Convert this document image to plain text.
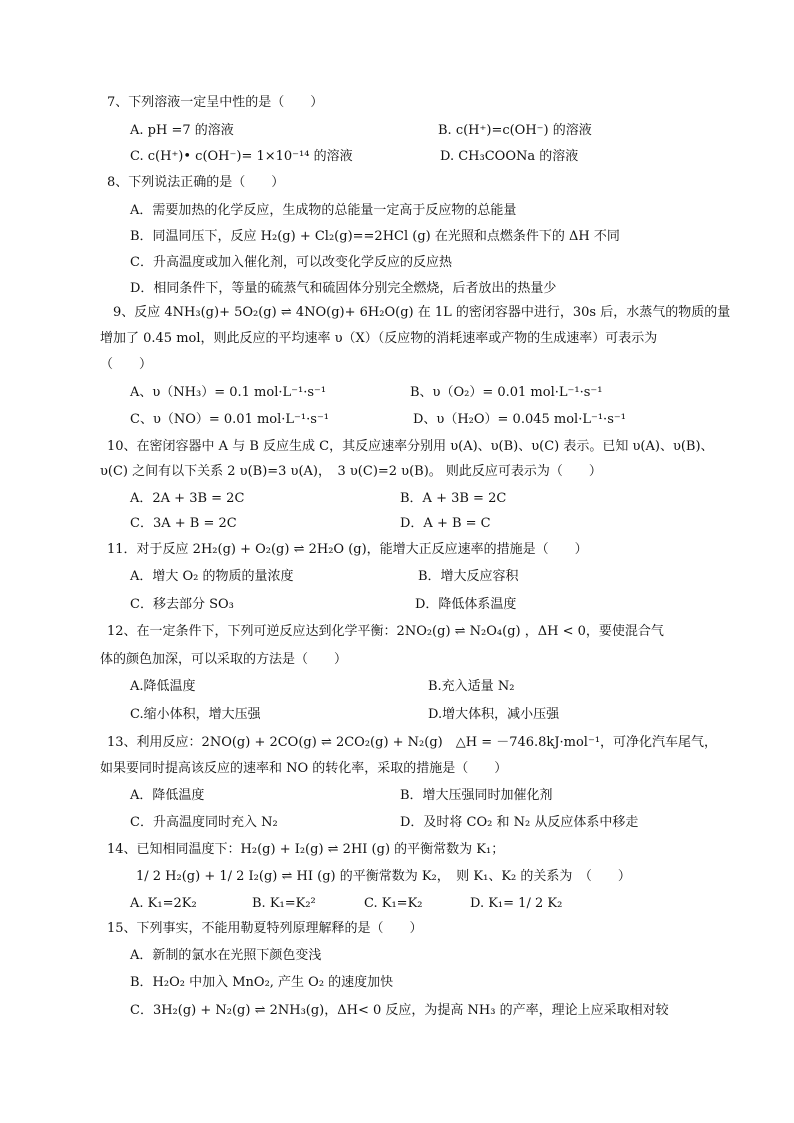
7、下列溶液一定呈中性的是（　　）
A. pH =7 的溶液	B. c(H⁺)=c(OH⁻) 的溶液
C. c(H⁺)• c(OH⁻)= 1×10⁻¹⁴ 的溶液	D. CH₃COONa 的溶液
8、下列说法正确的是（　　）
A．需要加热的化学反应，生成物的总能量一定高于反应物的总能量
B．同温同压下，反应 H₂(g) + Cl₂(g)==2HCl (g) 在光照和点燃条件下的 ΔH 不同
C．升高温度或加入催化剂，可以改变化学反应的反应热
D．相同条件下，等量的硫蒸气和硫固体分别完全燃烧，后者放出的热量少
9、反应 4NH₃(g)+ 5O₂(g) ⇌ 4NO(g)+ 6H₂O(g) 在 1L 的密闭容器中进行，30s 后，水蒸气的物质的量
增加了 0.45 mol，则此反应的平均速率 υ（X）（反应物的消耗速率或产物的生成速率）可表示为
（　　）
A、υ（NH₃）= 0.1 mol·L⁻¹·s⁻¹	B、υ（O₂）= 0.01 mol·L⁻¹·s⁻¹
C、υ（NO）= 0.01 mol·L⁻¹·s⁻¹	D、υ（H₂O）= 0.045 mol·L⁻¹·s⁻¹
10、在密闭容器中 A 与 B 反应生成 C，其反应速率分别用 υ(A)、υ(B)、υ(C) 表示。已知 υ(A)、υ(B)、
υ(C) 之间有以下关系 2 υ(B)=3 υ(A)，　3 υ(C)=2 υ(B)。 则此反应可表示为（　　）
A．2A + 3B = 2C	B．A + 3B = 2C
C．3A + B = 2C	D．A + B = C
11．对于反应 2H₂(g) + O₂(g) ⇌ 2H₂O (g)，能增大正反应速率的措施是（　　）
A．增大 O₂ 的物质的量浓度	B．增大反应容积
C．移去部分 SO₃	D．降低体系温度
12、在一定条件下，下列可逆反应达到化学平衡：2NO₂(g) ⇌ N₂O₄(g) ，ΔH < 0，要使混合气
体的颜色加深，可以采取的方法是（　　）
A.降低温度	B.充入适量 N₂
C.缩小体积，增大压强	D.增大体积，减小压强
13、利用反应：2NO(g) + 2CO(g) ⇌ 2CO₂(g) + N₂(g)　△H = －746.8kJ·mol⁻¹，可净化汽车尾气，
如果要同时提高该反应的速率和 NO 的转化率，采取的措施是（　　）
A．降低温度	B．增大压强同时加催化剂
C．升高温度同时充入 N₂	D．及时将 CO₂ 和 N₂ 从反应体系中移走
14、已知相同温度下：H₂(g) + I₂(g) ⇌ 2HI (g) 的平衡常数为 K₁；
1/ 2 H₂(g) + 1/ 2 I₂(g) ⇌ HI (g) 的平衡常数为 K₂，　则 K₁、K₂ 的关系为　（　　）
A. K₁=2K₂	B. K₁=K₂²	C. K₁=K₂	D. K₁= 1/ 2 K₂
15、下列事实，不能用勒夏特列原理解释的是（　　）
A．新制的氯水在光照下颜色变浅
B．H₂O₂ 中加入 MnO₂, 产生 O₂ 的速度加快
C．3H₂(g) + N₂(g) ⇌ 2NH₃(g)，ΔH< 0 反应，为提高 NH₃ 的产率，理论上应采取相对较
